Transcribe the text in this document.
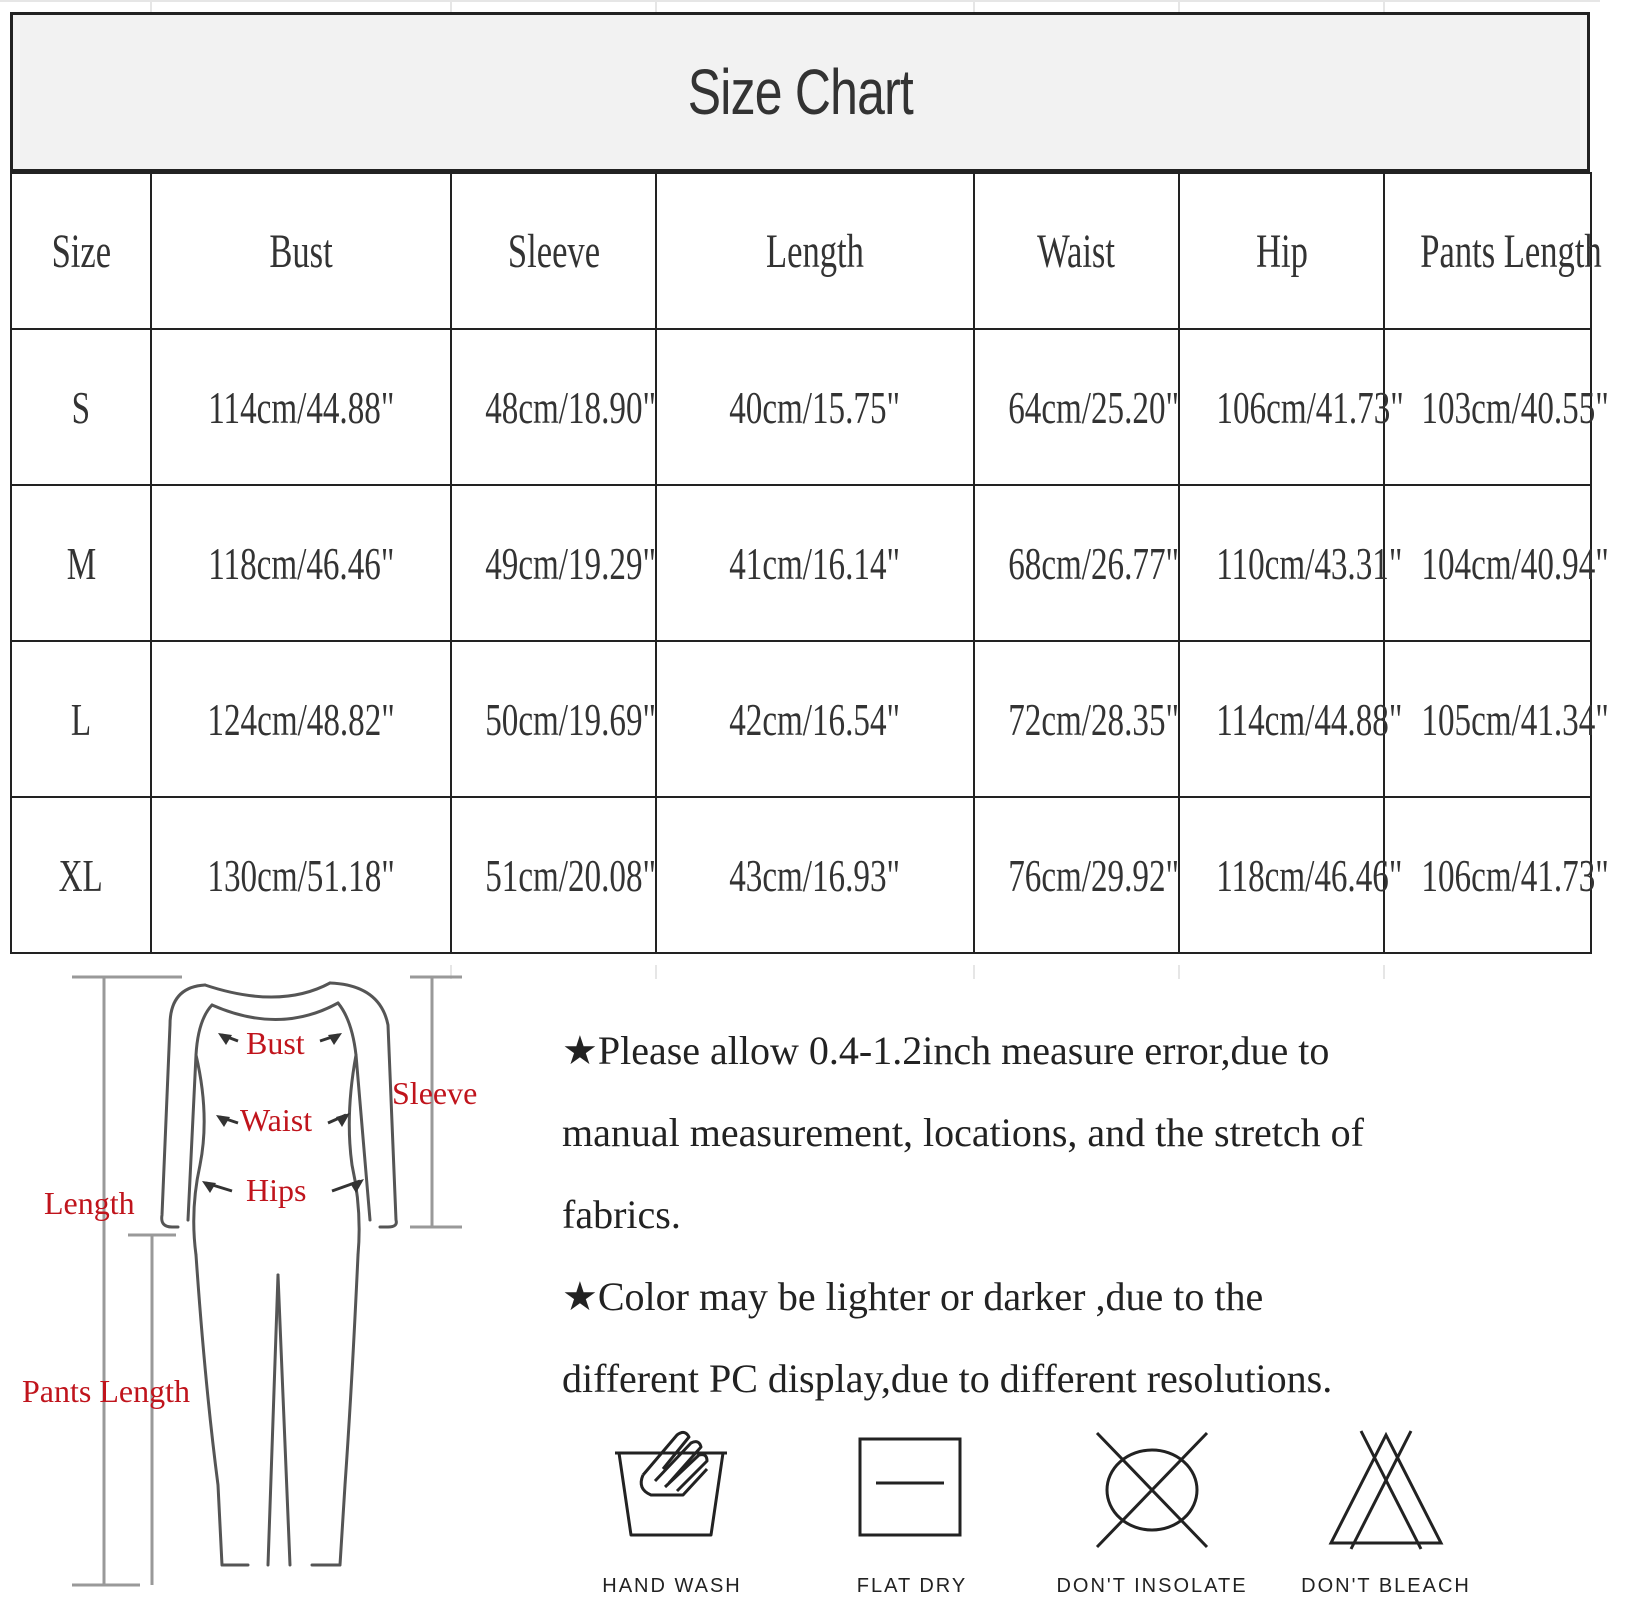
Size Chart
Size	Bust	Sleeve	Length	Waist	Hip	Pants Length
S	114cm/44.88"	48cm/18.90"	40cm/15.75"	64cm/25.20"	106cm/41.73"	103cm/40.55"
M	118cm/46.46"	49cm/19.29"	41cm/16.14"	68cm/26.77"	110cm/43.31"	104cm/40.94"
L	124cm/48.82"	50cm/19.69"	42cm/16.54"	72cm/28.35"	114cm/44.88"	105cm/41.34"
XL	130cm/51.18"	51cm/20.08"	43cm/16.93"	76cm/29.92"	118cm/46.46"	106cm/41.73"
Bust
Waist
Hips
Sleeve
Length
Pants Length
★Please allow 0.4-1.2inch measure error,due to
manual measurement, locations, and the stretch of
fabrics.
★Color may be lighter or darker ,due to the
different PC display,due to different resolutions.
HAND WASH	FLAT DRY	DON'T INSOLATE	DON'T BLEACH
